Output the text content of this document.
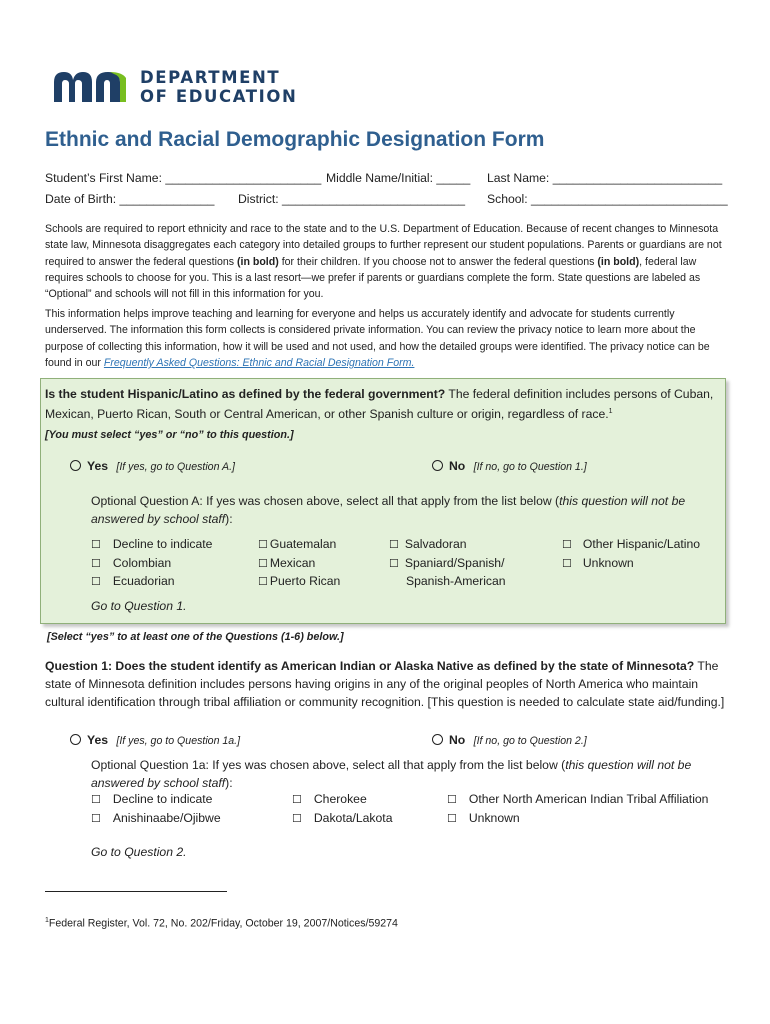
DEPARTMENT
OF EDUCATION
Ethnic and Racial Demographic Designation Form
Student’s First Name: _______________________ Middle Name/Initial: _____ Last Name: _________________________
Date of Birth: ______________ District: ___________________________ School: _____________________________
Schools are required to report ethnicity and race to the state and to the U.S. Department of Education. Because of recent changes to Minnesota state law, Minnesota disaggregates each category into detailed groups to further represent our student populations. Parents or guardians are not required to answer the federal questions (in bold) for their children. If you choose not to answer the federal questions (in bold), federal law requires schools to choose for you. This is a last resort—we prefer if parents or guardians complete the form. State questions are labeled as “Optional” and schools will not fill in this information for you.
This information helps improve teaching and learning for everyone and helps us accurately identify and advocate for students currently underserved. The information this form collects is considered private information. You can review the privacy notice to learn more about the purpose of collecting this information, how it will be used and not used, and how the detailed groups were identified. The privacy notice can be found in our Frequently Asked Questions: Ethnic and Racial Designation Form.
Is the student Hispanic/Latino as defined by the federal government? The federal definition includes persons of Cuban, Mexican, Puerto Rican, South or Central American, or other Spanish culture or origin, regardless of race.$^1$
[You must select “yes” or “no” to this question.]
Yes [If yes, go to Question A.]	No [If no, go to Question 1.]
Optional Question A: If yes was chosen above, select all that apply from the list below (this question will not be answered by school staff):
☐ Decline to indicate
☐ Colombian
☐ Ecuadorian
☐ Guatemalan
☐ Mexican
☐ Puerto Rican
☐ Salvadoran
☐ Spaniard/Spanish/
Spanish-American
☐ Other Hispanic/Latino
☐ Unknown
Go to Question 1.
[Select “yes” to at least one of the Questions (1-6) below.]
Question 1: Does the student identify as American Indian or Alaska Native as defined by the state of Minnesota? The state of Minnesota definition includes persons having origins in any of the original peoples of North America who maintain cultural identification through tribal affiliation or community recognition. [This question is needed to calculate state aid/funding.]
Yes [If yes, go to Question 1a.]	No [If no, go to Question 2.]
Optional Question 1a: If yes was chosen above, select all that apply from the list below (this question will not be answered by school staff):
☐ Decline to indicate
☐ Anishinaabe/Ojibwe
☐ Cherokee
☐ Dakota/Lakota
☐ Other North American Indian Tribal Affiliation
☐ Unknown
Go to Question 2.
$^1$Federal Register, Vol. 72, No. 202/Friday, October 19, 2007/Notices/59274
